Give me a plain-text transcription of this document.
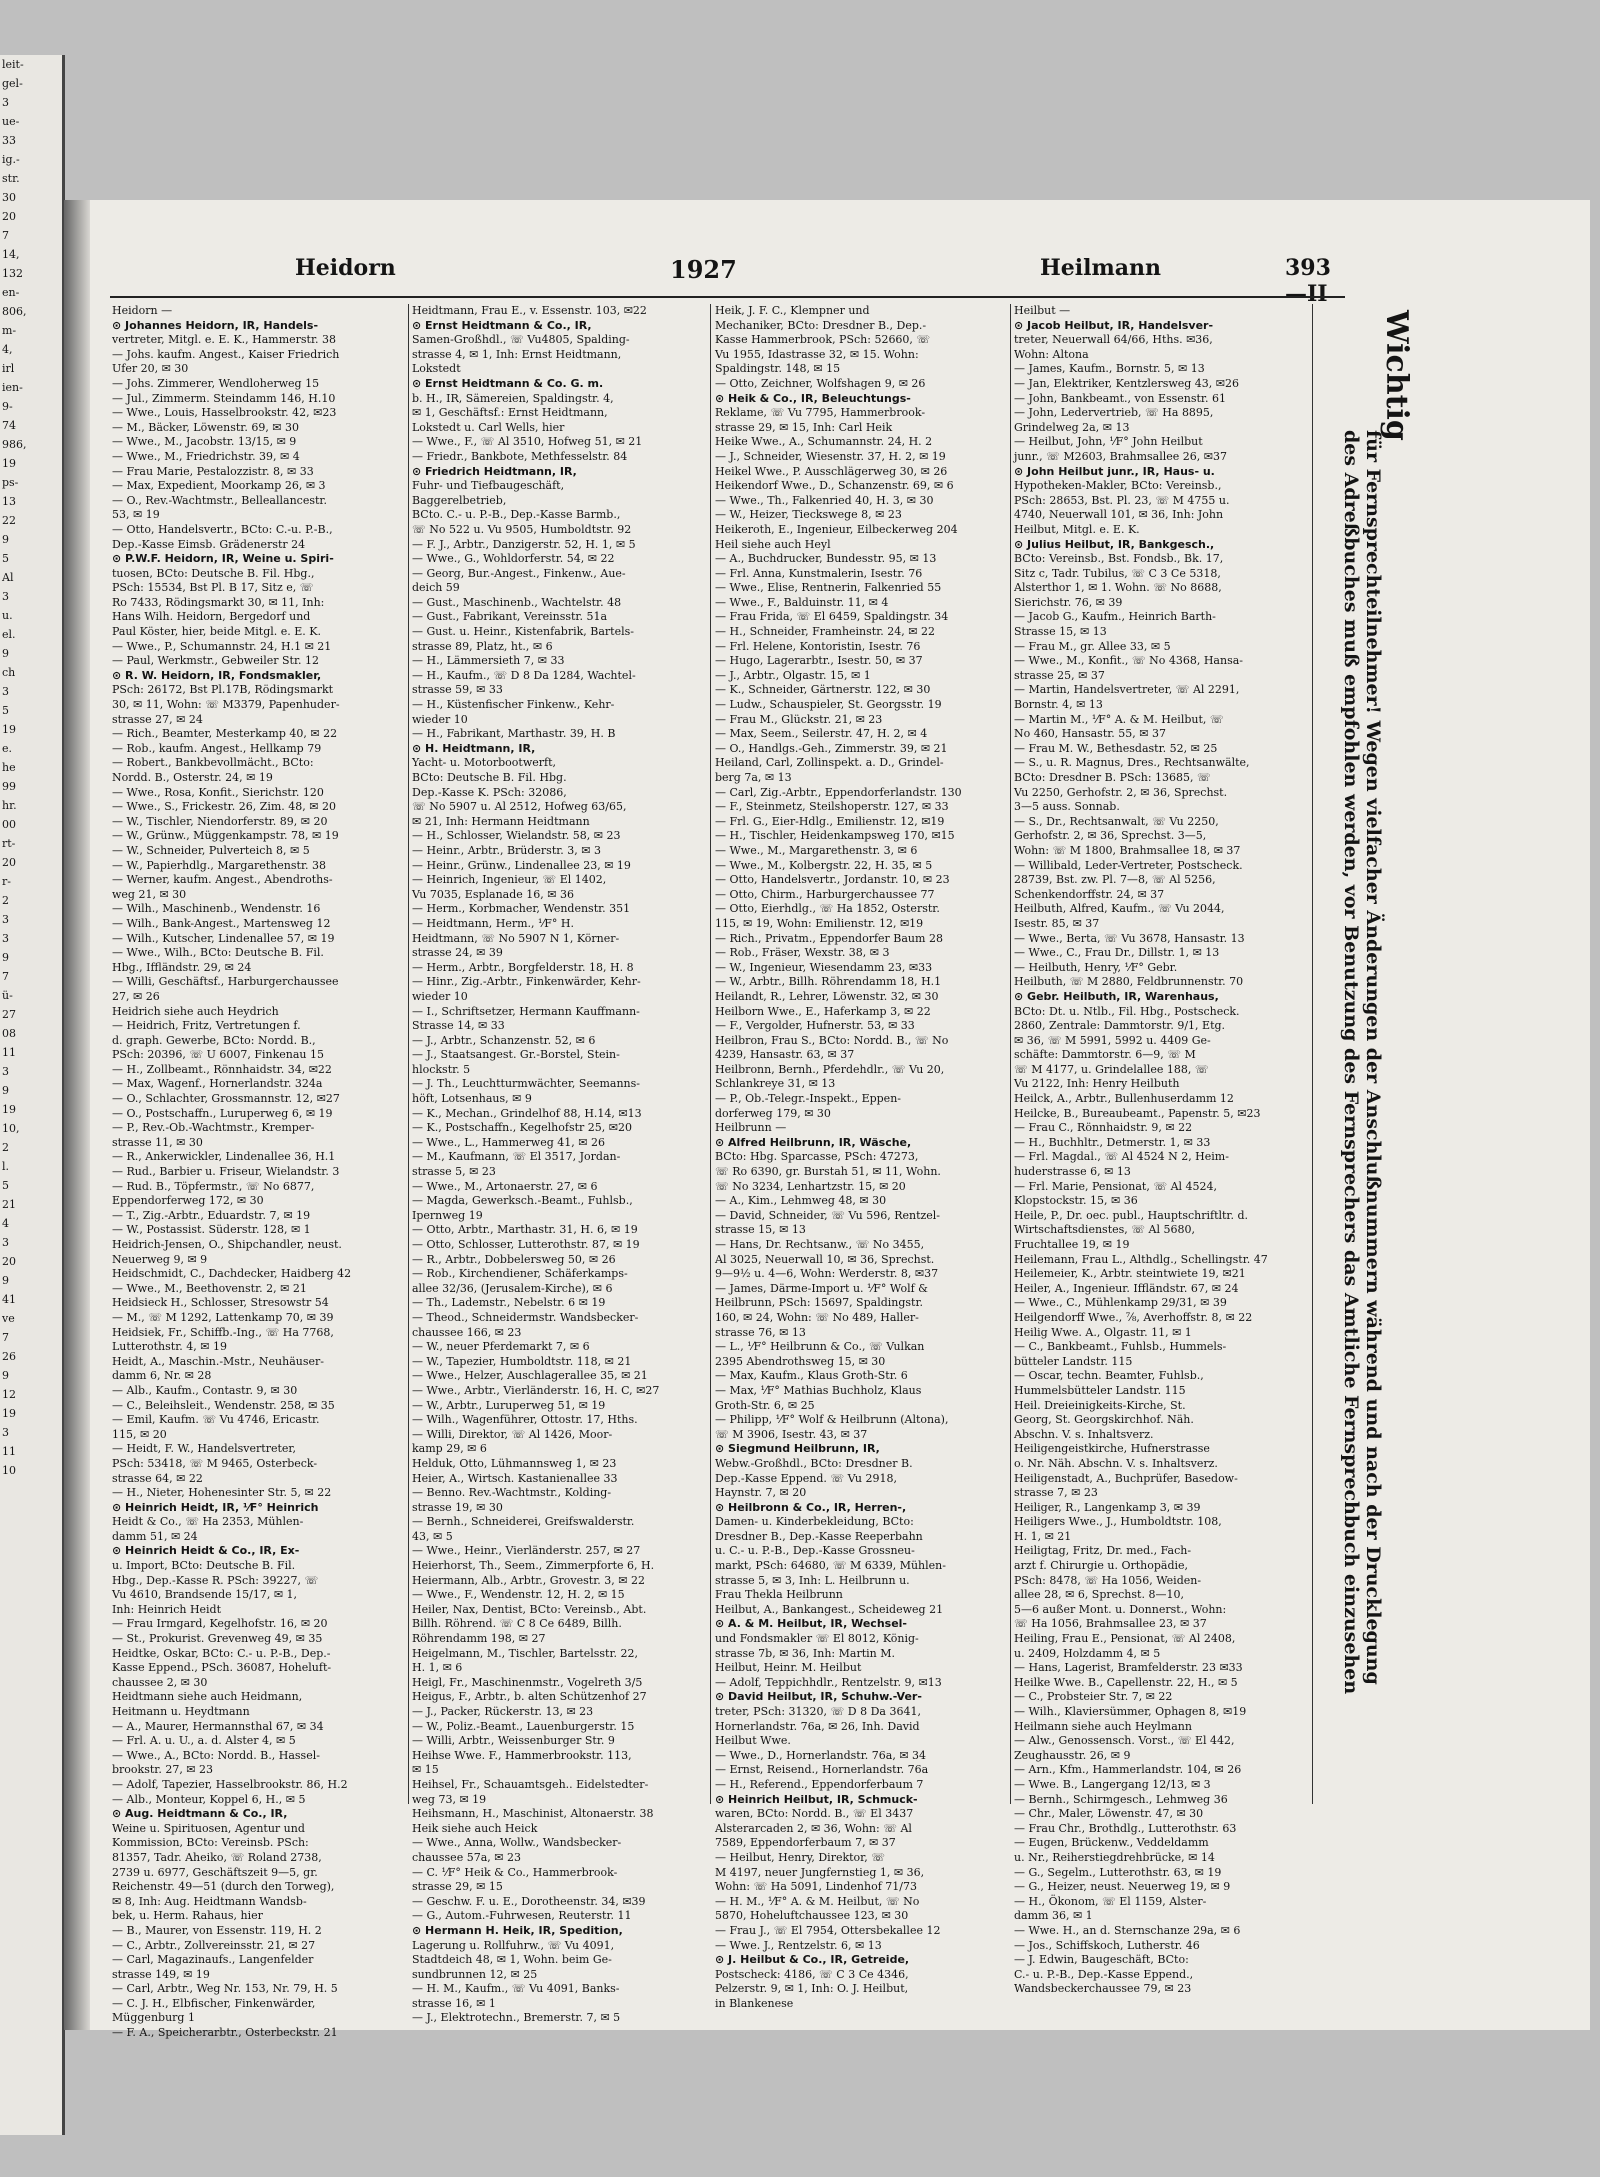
leit-
gel-
3
ue-
33
ig.-
str.
30
20
7
14,
132
en-
806,
m-
4,
irl
ien-
9-
74
986,
19
ps-
13
22
9
5
Al
3
u.
el.
9
ch
3
5
19
e.
he
99
hr.
00
rt-
20
r-
2
3
3
9
7
ü-
27
08
11
3
9
19
10,
2
l.
5
21
4
3
20
9
41
ve
7
26
9
12
19
3
11
10
Heidorn	1927	Heilmann	393—II
Heidorn —
⊙ Johannes Heidorn, IR, Handels-
vertreter, Mitgl. e. E. K., Hammerstr. 38
— Johs. kaufm. Angest., Kaiser Friedrich
Ufer 20, ✉ 30
— Johs. Zimmerer, Wendloherweg 15
— Jul., Zimmerm. Steindamm 146, H.10
— Wwe., Louis, Hasselbrookstr. 42, ✉23
— M., Bäcker, Löwenstr. 69, ✉ 30
— Wwe., M., Jacobstr. 13/15, ✉ 9
— Wwe., M., Friedrichstr. 39, ✉ 4
— Frau Marie, Pestalozzistr. 8, ✉ 33
— Max, Expedient, Moorkamp 26, ✉ 3
— O., Rev.-Wachtmstr., Belleallancestr.
53, ✉ 19
— Otto, Handelsvertr., BCto: C.-u. P.-B.,
Dep.-Kasse Eimsb. Grädenerstr 24
⊙ P.W.F. Heidorn, IR, Weine u. Spiri-
tuosen, BCto: Deutsche B. Fil. Hbg.,
PSch: 15534, Bst Pl. B 17, Sitz e, ☏
Ro 7433, Rödingsmarkt 30, ✉ 11, Inh:
Hans Wilh. Heidorn, Bergedorf und
Paul Köster, hier, beide Mitgl. e. E. K.
— Wwe., P., Schumannstr. 24, H.1 ✉ 21
— Paul, Werkmstr., Gebweiler Str. 12
⊙ R. W. Heidorn, IR, Fondsmakler,
PSch: 26172, Bst Pl.17B, Rödingsmarkt
30, ✉ 11, Wohn: ☏ M3379, Papenhuder-
strasse 27, ✉ 24
— Rich., Beamter, Mesterkamp 40, ✉ 22
— Rob., kaufm. Angest., Hellkamp 79
— Robert., Bankbevollmächt., BCto:
Nordd. B., Osterstr. 24, ✉ 19
— Wwe., Rosa, Konfit., Sierichstr. 120
— Wwe., S., Frickestr. 26, Zim. 48, ✉ 20
— W., Tischler, Niendorferstr. 89, ✉ 20
— W., Grünw., Müggenkampstr. 78, ✉ 19
— W., Schneider, Pulverteich 8, ✉ 5
— W., Papierhdlg., Margarethenstr. 38
— Werner, kaufm. Angest., Abendroths-
weg 21, ✉ 30
— Wilh., Maschinenb., Wendenstr. 16
— Wilh., Bank-Angest., Martensweg 12
— Wilh., Kutscher, Lindenallee 57, ✉ 19
— Wwe., Wilh., BCto: Deutsche B. Fil.
Hbg., Iffländstr. 29, ✉ 24
— Willi, Geschäftsf., Harburgerchaussee
27, ✉ 26
Heidrich siehe auch Heydrich
— Heidrich, Fritz, Vertretungen f.
d. graph. Gewerbe, BCto: Nordd. B.,
PSch: 20396, ☏ U 6007, Finkenau 15
— H., Zollbeamt., Rönnhaidstr. 34, ✉22
— Max, Wagenf., Hornerlandstr. 324a
— O., Schlachter, Grossmannstr. 12, ✉27
— O., Postschaffn., Luruperweg 6, ✉ 19
— P., Rev.-Ob.-Wachtmstr., Kremper-
strasse 11, ✉ 30
— R., Ankerwickler, Lindenallee 36, H.1
— Rud., Barbier u. Friseur, Wielandstr. 3
— Rud. B., Töpfermstr., ☏ No 6877,
Eppendorferweg 172, ✉ 30
— T., Zig.-Arbtr., Eduardstr. 7, ✉ 19
— W., Postassist. Süderstr. 128, ✉ 1
Heidrich-Jensen, O., Shipchandler, neust.
Neuerweg 9, ✉ 9
Heidschmidt, C., Dachdecker, Haidberg 42
— Wwe., M., Beethovenstr. 2, ✉ 21
Heidsieck H., Schlosser, Stresowstr 54
— M., ☏ M 1292, Lattenkamp 70, ✉ 39
Heidsiek, Fr., Schiffb.-Ing., ☏ Ha 7768,
Lutterothstr. 4, ✉ 19
Heidt, A., Maschin.-Mstr., Neuhäuser-
damm 6, Nr. ✉ 28
— Alb., Kaufm., Contastr. 9, ✉ 30
— C., Beleihsleit., Wendenstr. 258, ✉ 35
— Emil, Kaufm. ☏ Vu 4746, Ericastr.
115, ✉ 20
— Heidt, F. W., Handelsvertreter,
PSch: 53418, ☏ M 9465, Osterbeck-
strasse 64, ✉ 22
— H., Nieter, Hohenesinter Str. 5, ✉ 22
⊙ Heinrich Heidt, IR, ⅟F° Heinrich
Heidt & Co., ☏ Ha 2353, Mühlen-
damm 51, ✉ 24
⊙ Heinrich Heidt & Co., IR, Ex-
u. Import, BCto: Deutsche B. Fil.
Hbg., Dep.-Kasse R. PSch: 39227, ☏
Vu 4610, Brandsende 15/17, ✉ 1,
Inh: Heinrich Heidt
— Frau Irmgard, Kegelhofstr. 16, ✉ 20
— St., Prokurist. Grevenweg 49, ✉ 35
Heidtke, Oskar, BCto: C.- u. P.-B., Dep.-
Kasse Eppend., PSch. 36087, Hoheluft-
chaussee 2, ✉ 30
Heidtmann siehe auch Heidmann,
Heitmann u. Heydtmann
— A., Maurer, Hermannsthal 67, ✉ 34
— Frl. A. u. U., a. d. Alster 4, ✉ 5
— Wwe., A., BCto: Nordd. B., Hassel-
brookstr. 27, ✉ 23
— Adolf, Tapezier, Hasselbrookstr. 86, H.2
— Alb., Monteur, Koppel 6, H., ✉ 5
⊙ Aug. Heidtmann & Co., IR,
Weine u. Spirituosen, Agentur und
Kommission, BCto: Vereinsb. PSch:
81357, Tadr. Aheiko, ☏ Roland 2738,
2739 u. 6977, Geschäftszeit 9—5, gr.
Reichenstr. 49—51 (durch den Torweg),
✉ 8, Inh: Aug. Heidtmann Wandsb-
bek, u. Herm. Rahaus, hier
— B., Maurer, von Essenstr. 119, H. 2
— C., Arbtr., Zollvereinsstr. 21, ✉ 27
— Carl, Magazinaufs., Langenfelder
strasse 149, ✉ 19
— Carl, Arbtr., Weg Nr. 153, Nr. 79, H. 5
— C. J. H., Elbfischer, Finkenwärder,
Müggenburg 1
— F. A., Speicherarbtr., Osterbeckstr. 21
Heidtmann, Frau E., v. Essenstr. 103, ✉22
⊙ Ernst Heidtmann & Co., IR,
Samen-Großhdl., ☏ Vu4805, Spalding-
strasse 4, ✉ 1, Inh: Ernst Heidtmann,
Lokstedt
⊙ Ernst Heidtmann & Co. G. m.
b. H., IR, Sämereien, Spaldingstr. 4,
✉ 1, Geschäftsf.: Ernst Heidtmann,
Lokstedt u. Carl Wells, hier
— Wwe., F., ☏ Al 3510, Hofweg 51, ✉ 21
— Friedr., Bankbote, Methfesselstr. 84
⊙ Friedrich Heidtmann, IR,
Fuhr- und Tiefbaugeschäft,
Baggerelbetrieb,
BCto. C.- u. P.-B., Dep.-Kasse Barmb.,
☏ No 522 u. Vu 9505, Humboldtstr. 92
— F. J., Arbtr., Danzigerstr. 52, H. 1, ✉ 5
— Wwe., G., Wohldorferstr. 54, ✉ 22
— Georg, Bur.-Angest., Finkenw., Aue-
deich 59
— Gust., Maschinenb., Wachtelstr. 48
— Gust., Fabrikant, Vereinsstr. 51a
— Gust. u. Heinr., Kistenfabrik, Bartels-
strasse 89, Platz, ht., ✉ 6
— H., Lämmersieth 7, ✉ 33
— H., Kaufm., ☏ D 8 Da 1284, Wachtel-
strasse 59, ✉ 33
— H., Küstenfischer Finkenw., Kehr-
wieder 10
— H., Fabrikant, Marthastr. 39, H. B
⊙ H. Heidtmann, IR,
Yacht- u. Motorbootwerft,
BCto: Deutsche B. Fil. Hbg.
Dep.-Kasse K. PSch: 32086,
☏ No 5907 u. Al 2512, Hofweg 63/65,
✉ 21, Inh: Hermann Heidtmann
— H., Schlosser, Wielandstr. 58, ✉ 23
— Heinr., Arbtr., Brüderstr. 3, ✉ 3
— Heinr., Grünw., Lindenallee 23, ✉ 19
— Heinrich, Ingenieur, ☏ El 1402,
Vu 7035, Esplanade 16, ✉ 36
— Herm., Korbmacher, Wendenstr. 351
— Heidtmann, Herm., ⅟F° H.
Heidtmann, ☏ No 5907 N 1, Körner-
strasse 24, ✉ 39
— Herm., Arbtr., Borgfelderstr. 18, H. 8
— Hinr., Zig.-Arbtr., Finkenwärder, Kehr-
wieder 10
— I., Schriftsetzer, Hermann Kauffmann-
Strasse 14, ✉ 33
— J., Arbtr., Schanzenstr. 52, ✉ 6
— J., Staatsangest. Gr.-Borstel, Stein-
hlockstr. 5
— J. Th., Leuchtturmwächter, Seemanns-
höft, Lotsenhaus, ✉ 9
— K., Mechan., Grindelhof 88, H.14, ✉13
— K., Postschaffn., Kegelhofstr 25, ✉20
— Wwe., L., Hammerweg 41, ✉ 26
— M., Kaufmann, ☏ El 3517, Jordan-
strasse 5, ✉ 23
— Wwe., M., Artonaerstr. 27, ✉ 6
— Magda, Gewerksch.-Beamt., Fuhlsb.,
Ipernweg 19
— Otto, Arbtr., Marthastr. 31, H. 6, ✉ 19
— Otto, Schlosser, Lutterothstr. 87, ✉ 19
— R., Arbtr., Dobbelersweg 50, ✉ 26
— Rob., Kirchendiener, Schäferkamps-
allee 32/36, (Jerusalem-Kirche), ✉ 6
— Th., Lademstr., Nebelstr. 6 ✉ 19
— Theod., Schneidermstr. Wandsbecker-
chaussee 166, ✉ 23
— W., neuer Pferdemarkt 7, ✉ 6
— W., Tapezier, Humboldtstr. 118, ✉ 21
— Wwe., Helzer, Auschlagerallee 35, ✉ 21
— Wwe., Arbtr., Vierländerstr. 16, H. C, ✉27
— W., Arbtr., Luruperweg 51, ✉ 19
— Wilh., Wagenführer, Ottostr. 17, Hths.
— Willi, Direktor, ☏ Al 1426, Moor-
kamp 29, ✉ 6
Helduk, Otto, Lühmannsweg 1, ✉ 23
Heier, A., Wirtsch. Kastanienallee 33
— Benno. Rev.-Wachtmstr., Kolding-
strasse 19, ✉ 30
— Bernh., Schneiderei, Greifswalderstr.
43, ✉ 5
— Wwe., Heinr., Vierländerstr. 257, ✉ 27
Heierhorst, Th., Seem., Zimmerpforte 6, H.
Heiermann, Alb., Arbtr., Grovestr. 3, ✉ 22
— Wwe., F., Wendenstr. 12, H. 2, ✉ 15
Heiler, Nax, Dentist, BCto: Vereinsb., Abt.
Billh. Röhrend. ☏ C 8 Ce 6489, Billh.
Röhrendamm 198, ✉ 27
Heigelmann, M., Tischler, Bartelsstr. 22,
H. 1, ✉ 6
Heigl, Fr., Maschinenmstr., Vogelreth 3/5
Heigus, F., Arbtr., b. alten Schützenhof 27
— J., Packer, Rückerstr. 13, ✉ 23
— W., Poliz.-Beamt., Lauenburgerstr. 15
— Willi, Arbtr., Weissenburger Str. 9
Heihse Wwe. F., Hammerbrookstr. 113,
✉ 15
Heihsel, Fr., Schauamtsgeh.. Eidelstedter-
weg 73, ✉ 19
Heihsmann, H., Maschinist, Altonaerstr. 38
Heik siehe auch Heick
— Wwe., Anna, Wollw., Wandsbecker-
chaussee 57a, ✉ 23
— C. ⅟F° Heik & Co., Hammerbrook-
strasse 29, ✉ 15
— Geschw. F. u. E., Dorotheenstr. 34, ✉39
— G., Autom.-Fuhrwesen, Reuterstr. 11
⊙ Hermann H. Heik, IR, Spedition,
Lagerung u. Rollfuhrw., ☏ Vu 4091,
Stadtdeich 48, ✉ 1, Wohn. beim Ge-
sundbrunnen 12, ✉ 25
— H. M., Kaufm., ☏ Vu 4091, Banks-
strasse 16, ✉ 1
— J., Elektrotechn., Bremerstr. 7, ✉ 5
Heik, J. F. C., Klempner und
Mechaniker, BCto: Dresdner B., Dep.-
Kasse Hammerbrook, PSch: 52660, ☏
Vu 1955, Idastrasse 32, ✉ 15. Wohn:
Spaldingstr. 148, ✉ 15
— Otto, Zeichner, Wolfshagen 9, ✉ 26
⊙ Heik & Co., IR, Beleuchtungs-
Reklame, ☏ Vu 7795, Hammerbrook-
strasse 29, ✉ 15, Inh: Carl Heik
Heike Wwe., A., Schumannstr. 24, H. 2
— J., Schneider, Wiesenstr. 37, H. 2, ✉ 19
Heikel Wwe., P. Ausschlägerweg 30, ✉ 26
Heikendorf Wwe., D., Schanzenstr. 69, ✉ 6
— Wwe., Th., Falkenried 40, H. 3, ✉ 30
— W., Heizer, Tieckswege 8, ✉ 23
Heikeroth, E., Ingenieur, Eilbeckerweg 204
Heil siehe auch Heyl
— A., Buchdrucker, Bundesstr. 95, ✉ 13
— Frl. Anna, Kunstmalerin, Isestr. 76
— Wwe., Elise, Rentnerin, Falkenried 55
— Wwe., F., Balduinstr. 11, ✉ 4
— Frau Frida, ☏ El 6459, Spaldingstr. 34
— H., Schneider, Framheinstr. 24, ✉ 22
— Frl. Helene, Kontoristin, Isestr. 76
— Hugo, Lagerarbtr., Isestr. 50, ✉ 37
— J., Arbtr., Olgastr. 15, ✉ 1
— K., Schneider, Gärtnerstr. 122, ✉ 30
— Ludw., Schauspieler, St. Georgsstr. 19
— Frau M., Glückstr. 21, ✉ 23
— Max, Seem., Seilerstr. 47, H. 2, ✉ 4
— O., Handlgs.-Geh., Zimmerstr. 39, ✉ 21
Heiland, Carl, Zollinspekt. a. D., Grindel-
berg 7a, ✉ 13
— Carl, Zig.-Arbtr., Eppendorferlandstr. 130
— F., Steinmetz, Steilshoperstr. 127, ✉ 33
— Frl. G., Eier-Hdlg., Emilienstr. 12, ✉19
— H., Tischler, Heidenkampsweg 170, ✉15
— Wwe., M., Margarethenstr. 3, ✉ 6
— Wwe., M., Kolbergstr. 22, H. 35, ✉ 5
— Otto, Handelsvertr., Jordanstr. 10, ✉ 23
— Otto, Chirm., Harburgerchaussee 77
— Otto, Eierhdlg., ☏ Ha 1852, Osterstr.
115, ✉ 19, Wohn: Emilienstr. 12, ✉19
— Rich., Privatm., Eppendorfer Baum 28
— Rob., Fräser, Wexstr. 38, ✉ 3
— W., Ingenieur, Wiesendamm 23, ✉33
— W., Arbtr., Billh. Röhrendamm 18, H.1
Heilandt, R., Lehrer, Löwenstr. 32, ✉ 30
Heilborn Wwe., E., Haferkamp 3, ✉ 22
— F., Vergolder, Hufnerstr. 53, ✉ 33
Heilbron, Frau S., BCto: Nordd. B., ☏ No
4239, Hansastr. 63, ✉ 37
Heilbronn, Bernh., Pferdehdlr., ☏ Vu 20,
Schlankreye 31, ✉ 13
— P., Ob.-Telegr.-Inspekt., Eppen-
dorferweg 179, ✉ 30
Heilbrunn —
⊙ Alfred Heilbrunn, IR, Wäsche,
BCto: Hbg. Sparcasse, PSch: 47273,
☏ Ro 6390, gr. Burstah 51, ✉ 11, Wohn.
☏ No 3234, Lenhartzstr. 15, ✉ 20
— A., Kim., Lehmweg 48, ✉ 30
— David, Schneider, ☏ Vu 596, Rentzel-
strasse 15, ✉ 13
— Hans, Dr. Rechtsanw., ☏ No 3455,
Al 3025, Neuerwall 10, ✉ 36, Sprechst.
9—9½ u. 4—6, Wohn: Werderstr. 8, ✉37
— James, Därme-Import u. ⅟F° Wolf &
Heilbrunn, PSch: 15697, Spaldingstr.
160, ✉ 24, Wohn: ☏ No 489, Haller-
strasse 76, ✉ 13
— L., ⅟F° Heilbrunn & Co., ☏ Vulkan
2395 Abendrothsweg 15, ✉ 30
— Max, Kaufm., Klaus Groth-Str. 6
— Max, ⅟F° Mathias Buchholz, Klaus
Groth-Str. 6, ✉ 25
— Philipp, ⅟F° Wolf & Heilbrunn (Altona),
☏ M 3906, Isestr. 43, ✉ 37
⊙ Siegmund Heilbrunn, IR,
Webw.-Großhdl., BCto: Dresdner B.
Dep.-Kasse Eppend. ☏ Vu 2918,
Haynstr. 7, ✉ 20
⊙ Heilbronn & Co., IR, Herren-,
Damen- u. Kinderbekleidung, BCto:
Dresdner B., Dep.-Kasse Reeperbahn
u. C.- u. P.-B., Dep.-Kasse Grossneu-
markt, PSch: 64680, ☏ M 6339, Mühlen-
strasse 5, ✉ 3, Inh: L. Heilbrunn u.
Frau Thekla Heilbrunn
Heilbut, A., Bankangest., Scheideweg 21
⊙ A. & M. Heilbut, IR, Wechsel-
und Fondsmakler ☏ El 8012, König-
strasse 7b, ✉ 36, Inh: Martin M.
Heilbut, Heinr. M. Heilbut
— Adolf, Teppichhdlr., Rentzelstr. 9, ✉13
⊙ David Heilbut, IR, Schuhw.-Ver-
treter, PSch: 31320, ☏ D 8 Da 3641,
Hornerlandstr. 76a, ✉ 26, Inh. David
Heilbut Wwe.
— Wwe., D., Hornerlandstr. 76a, ✉ 34
— Ernst, Reisend., Hornerlandstr. 76a
— H., Referend., Eppendorferbaum 7
⊙ Heinrich Heilbut, IR, Schmuck-
waren, BCto: Nordd. B., ☏ El 3437
Alsterarcaden 2, ✉ 36, Wohn: ☏ Al
7589, Eppendorferbaum 7, ✉ 37
— Heilbut, Henry, Direktor, ☏
M 4197, neuer Jungfernstieg 1, ✉ 36,
Wohn: ☏ Ha 5091, Lindenhof 71/73
— H. M., ⅟F° A. & M. Heilbut, ☏ No
5870, Hoheluftchaussee 123, ✉ 30
— Frau J., ☏ El 7954, Ottersbekallee 12
— Wwe. J., Rentzelstr. 6, ✉ 13
⊙ J. Heilbut & Co., IR, Getreide,
Postscheck: 4186, ☏ C 3 Ce 4346,
Pelzerstr. 9, ✉ 1, Inh: O. J. Heilbut,
in Blankenese
Heilbut —
⊙ Jacob Heilbut, IR, Handelsver-
treter, Neuerwall 64/66, Hths. ✉36,
Wohn: Altona
— James, Kaufm., Bornstr. 5, ✉ 13
— Jan, Elektriker, Kentzlersweg 43, ✉26
— John, Bankbeamt., von Essenstr. 61
— John, Ledervertrieb, ☏ Ha 8895,
Grindelweg 2a, ✉ 13
— Heilbut, John, ⅟F° John Heilbut
junr., ☏ M2603, Brahmsallee 26, ✉37
⊙ John Heilbut junr., IR, Haus- u.
Hypotheken-Makler, BCto: Vereinsb.,
PSch: 28653, Bst. Pl. 23, ☏ M 4755 u.
4740, Neuerwall 101, ✉ 36, Inh: John
Heilbut, Mitgl. e. E. K.
⊙ Julius Heilbut, IR, Bankgesch.,
BCto: Vereinsb., Bst. Fondsb., Bk. 17,
Sitz c, Tadr. Tubilus, ☏ C 3 Ce 5318,
Alsterthor 1, ✉ 1. Wohn. ☏ No 8688,
Sierichstr. 76, ✉ 39
— Jacob G., Kaufm., Heinrich Barth-
Strasse 15, ✉ 13
— Frau M., gr. Allee 33, ✉ 5
— Wwe., M., Konfit., ☏ No 4368, Hansa-
strasse 25, ✉ 37
— Martin, Handelsvertreter, ☏ Al 2291,
Bornstr. 4, ✉ 13
— Martin M., ⅟F° A. & M. Heilbut, ☏
No 460, Hansastr. 55, ✉ 37
— Frau M. W., Bethesdastr. 52, ✉ 25
— S., u. R. Magnus, Dres., Rechtsanwälte,
BCto: Dresdner B. PSch: 13685, ☏
Vu 2250, Gerhofstr. 2, ✉ 36, Sprechst.
3—5 auss. Sonnab.
— S., Dr., Rechtsanwalt, ☏ Vu 2250,
Gerhofstr. 2, ✉ 36, Sprechst. 3—5,
Wohn: ☏ M 1800, Brahmsallee 18, ✉ 37
— Willibald, Leder-Vertreter, Postscheck.
28739, Bst. zw. Pl. 7—8, ☏ Al 5256,
Schenkendorffstr. 24, ✉ 37
Heilbuth, Alfred, Kaufm., ☏ Vu 2044,
Isestr. 85, ✉ 37
— Wwe., Berta, ☏ Vu 3678, Hansastr. 13
— Wwe., C., Frau Dr., Dillstr. 1, ✉ 13
— Heilbuth, Henry, ⅟F° Gebr.
Heilbuth, ☏ M 2880, Feldbrunnenstr. 70
⊙ Gebr. Heilbuth, IR, Warenhaus,
BCto: Dt. u. Ntlb., Fil. Hbg., Postscheck.
2860, Zentrale: Dammtorstr. 9/1, Etg.
✉ 36, ☏ M 5991, 5992 u. 4409 Ge-
schäfte: Dammtorstr. 6—9, ☏ M
☏ M 4177, u. Grindelallee 188, ☏
Vu 2122, Inh: Henry Heilbuth
Heilck, A., Arbtr., Bullenhuserdamm 12
Heilcke, B., Bureaubeamt., Papenstr. 5, ✉23
— Frau C., Rönnhaidstr. 9, ✉ 22
— H., Buchhltr., Detmerstr. 1, ✉ 33
— Frl. Magdal., ☏ Al 4524 N 2, Heim-
huderstrasse 6, ✉ 13
— Frl. Marie, Pensionat, ☏ Al 4524,
Klopstockstr. 15, ✉ 36
Heile, P., Dr. oec. publ., Hauptschriftltr. d.
Wirtschaftsdienstes, ☏ Al 5680,
Fruchtallee 19, ✉ 19
Heilemann, Frau L., Althdlg., Schellingstr. 47
Heilemeier, K., Arbtr. steintwiete 19, ✉21
Heiler, A., Ingenieur. Iffländstr. 67, ✉ 24
— Wwe., C., Mühlenkamp 29/31, ✉ 39
Heilgendorff Wwe., ⅞, Averhoffstr. 8, ✉ 22
Heilig Wwe. A., Olgastr. 11, ✉ 1
— C., Bankbeamt., Fuhlsb., Hummels-
bütteler Landstr. 115
— Oscar, techn. Beamter, Fuhlsb.,
Hummelsbütteler Landstr. 115
Heil. Dreieinigkeits-Kirche, St.
Georg, St. Georgskirchhof. Näh.
Abschn. V. s. Inhaltsverz.
Heiligengeistkirche, Hufnerstrasse
o. Nr. Näh. Abschn. V. s. Inhaltsverz.
Heiligenstadt, A., Buchprüfer, Basedow-
strasse 7, ✉ 23
Heiliger, R., Langenkamp 3, ✉ 39
Heiligers Wwe., J., Humboldtstr. 108,
H. 1, ✉ 21
Heiligtag, Fritz, Dr. med., Fach-
arzt f. Chirurgie u. Orthopädie,
PSch: 8478, ☏ Ha 1056, Weiden-
allee 28, ✉ 6, Sprechst. 8—10,
5—6 außer Mont. u. Donnerst., Wohn:
☏ Ha 1056, Brahmsallee 23, ✉ 37
Heiling, Frau E., Pensionat, ☏ Al 2408,
u. 2409, Holzdamm 4, ✉ 5
— Hans, Lagerist, Bramfelderstr. 23 ✉33
Heilke Wwe. B., Capellenstr. 22, H., ✉ 5
— C., Probsteier Str. 7, ✉ 22
— Wilh., Klaviersümmer, Ophagen 8, ✉19
Heilmann siehe auch Heylmann
— Alw., Genossensch. Vorst., ☏ El 442,
Zeughausstr. 26, ✉ 9
— Arn., Kfm., Hammerlandstr. 104, ✉ 26
— Wwe. B., Langergang 12/13, ✉ 3
— Bernh., Schirmgesch., Lehmweg 36
— Chr., Maler, Löwenstr. 47, ✉ 30
— Frau Chr., Brothdlg., Lutterothstr. 63
— Eugen, Brückenw., Veddeldamm
u. Nr., Reiherstiegdrehbrücke, ✉ 14
— G., Segelm., Lutterothstr. 63, ✉ 19
— G., Heizer, neust. Neuerweg 19, ✉ 9
— H., Ökonom, ☏ El 1159, Alster-
damm 36, ✉ 1
— Wwe. H., an d. Sternschanze 29a, ✉ 6
— Jos., Schiffskoch, Lutherstr. 46
— J. Edwin, Baugeschäft, BCto:
C.- u. P.-B., Dep.-Kasse Eppend.,
Wandsbeckerchaussee 79, ✉ 23
Wichtig
für Fernsprechteilnehmer! Wegen vielfacher Änderungen der Anschlußnummern während und nach der Drucklegung
des Adreßbuches muß empfohlen werden, vor Benutzung des Fernsprechers das Amtliche Fernsprechbuch einzusehen
